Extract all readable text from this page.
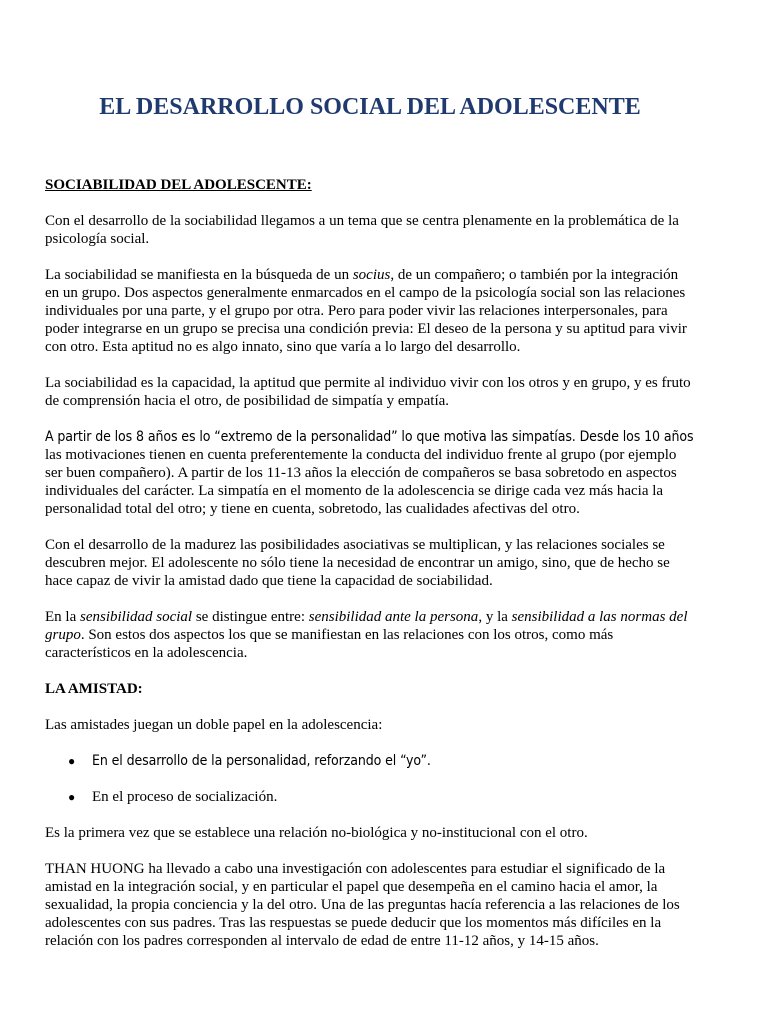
EL DESARROLLO SOCIAL DEL ADOLESCENTE

SOCIABILIDAD DEL ADOLESCENTE:

Con el desarrollo de la sociabilidad llegamos a un tema que se centra plenamente en la problemática de la psicología social.

La sociabilidad se manifiesta en la búsqueda de un socius, de un compañero; o también por la integración en un grupo. Dos aspectos generalmente enmarcados en el campo de la psicología social son las relaciones individuales por una parte, y el grupo por otra. Pero para poder vivir las relaciones interpersonales, para poder integrarse en un grupo se precisa una condición previa: El deseo de la persona y su aptitud para vivir con otro. Esta aptitud no es algo innato, sino que varía a lo largo del desarrollo.

La sociabilidad es la capacidad, la aptitud que permite al individuo vivir con los otros y en grupo, y es fruto de comprensión hacia el otro, de posibilidad de simpatía y empatía.

A partir de los 8 años es lo “extremo de la personalidad” lo que motiva las simpatías. Desde los 10 años las motivaciones tienen en cuenta preferentemente la conducta del individuo frente al grupo (por ejemplo ser buen compañero). A partir de los 11-13 años la elección de compañeros se basa sobretodo en aspectos individuales del carácter. La simpatía en el momento de la adolescencia se dirige cada vez más hacia la personalidad total del otro; y tiene en cuenta, sobretodo, las cualidades afectivas del otro.

Con el desarrollo de la madurez las posibilidades asociativas se multiplican, y las relaciones sociales se descubren mejor. El adolescente no sólo tiene la necesidad de encontrar un amigo, sino, que de hecho se hace capaz de vivir la amistad dado que tiene la capacidad de sociabilidad.

En la sensibilidad social se distingue entre: sensibilidad ante la persona, y la sensibilidad a las normas del grupo. Son estos dos aspectos los que se manifiestan en las relaciones con los otros, como más característicos en la adolescencia.

LA AMISTAD:

Las amistades juegan un doble papel en la adolescencia:

● En el desarrollo de la personalidad, reforzando el “yo”.
● En el proceso de socialización.

Es la primera vez que se establece una relación no-biológica y no-institucional con el otro.

THAN HUONG ha llevado a cabo una investigación con adolescentes para estudiar el significado de la amistad en la integración social, y en particular el papel que desempeña en el camino hacia el amor, la sexualidad, la propia conciencia y la del otro. Una de las preguntas hacía referencia a las relaciones de los adolescentes con sus padres. Tras las respuestas se puede deducir que los momentos más difíciles en la relación con los padres corresponden al intervalo de edad de entre 11-12 años, y 14-15 años.
